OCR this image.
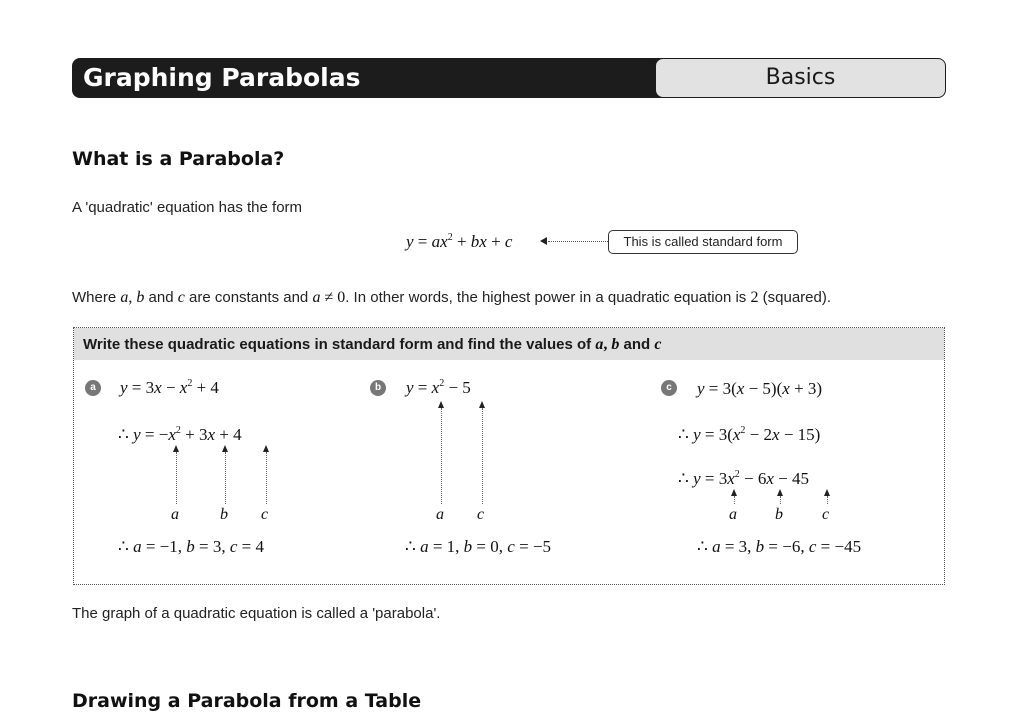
Basics
Graphing Parabolas
What is a Parabola?
A 'quadratic' equation has the form
$y = ax^2$ + bx + c	This is called standard form
Where a, b and c are constants and a ≠ 0. In other words, the highest power in a quadratic equation is 2 (squared).
Write these quadratic equations in standard form and find the values of a, b and c
a	$y = 3x - x^2 + 4$
∴ $y = -x^2 + 3x + 4$
a	b c
∴ a = −1, b = 3, c = 4
b $y = x^2 - 5$
a c
∴ a = 1, b = 0, c = −5
c	y = 3(x − 5)(x + 3)
∴ $y = 3(x^2 - 2x - 15)$
∴ $y = 3x^2 - 6x - 45$
a b c
∴ a = 3, b = −6, c = −45
The graph of a quadratic equation is called a 'parabola'.
Drawing a Parabola from a Table
